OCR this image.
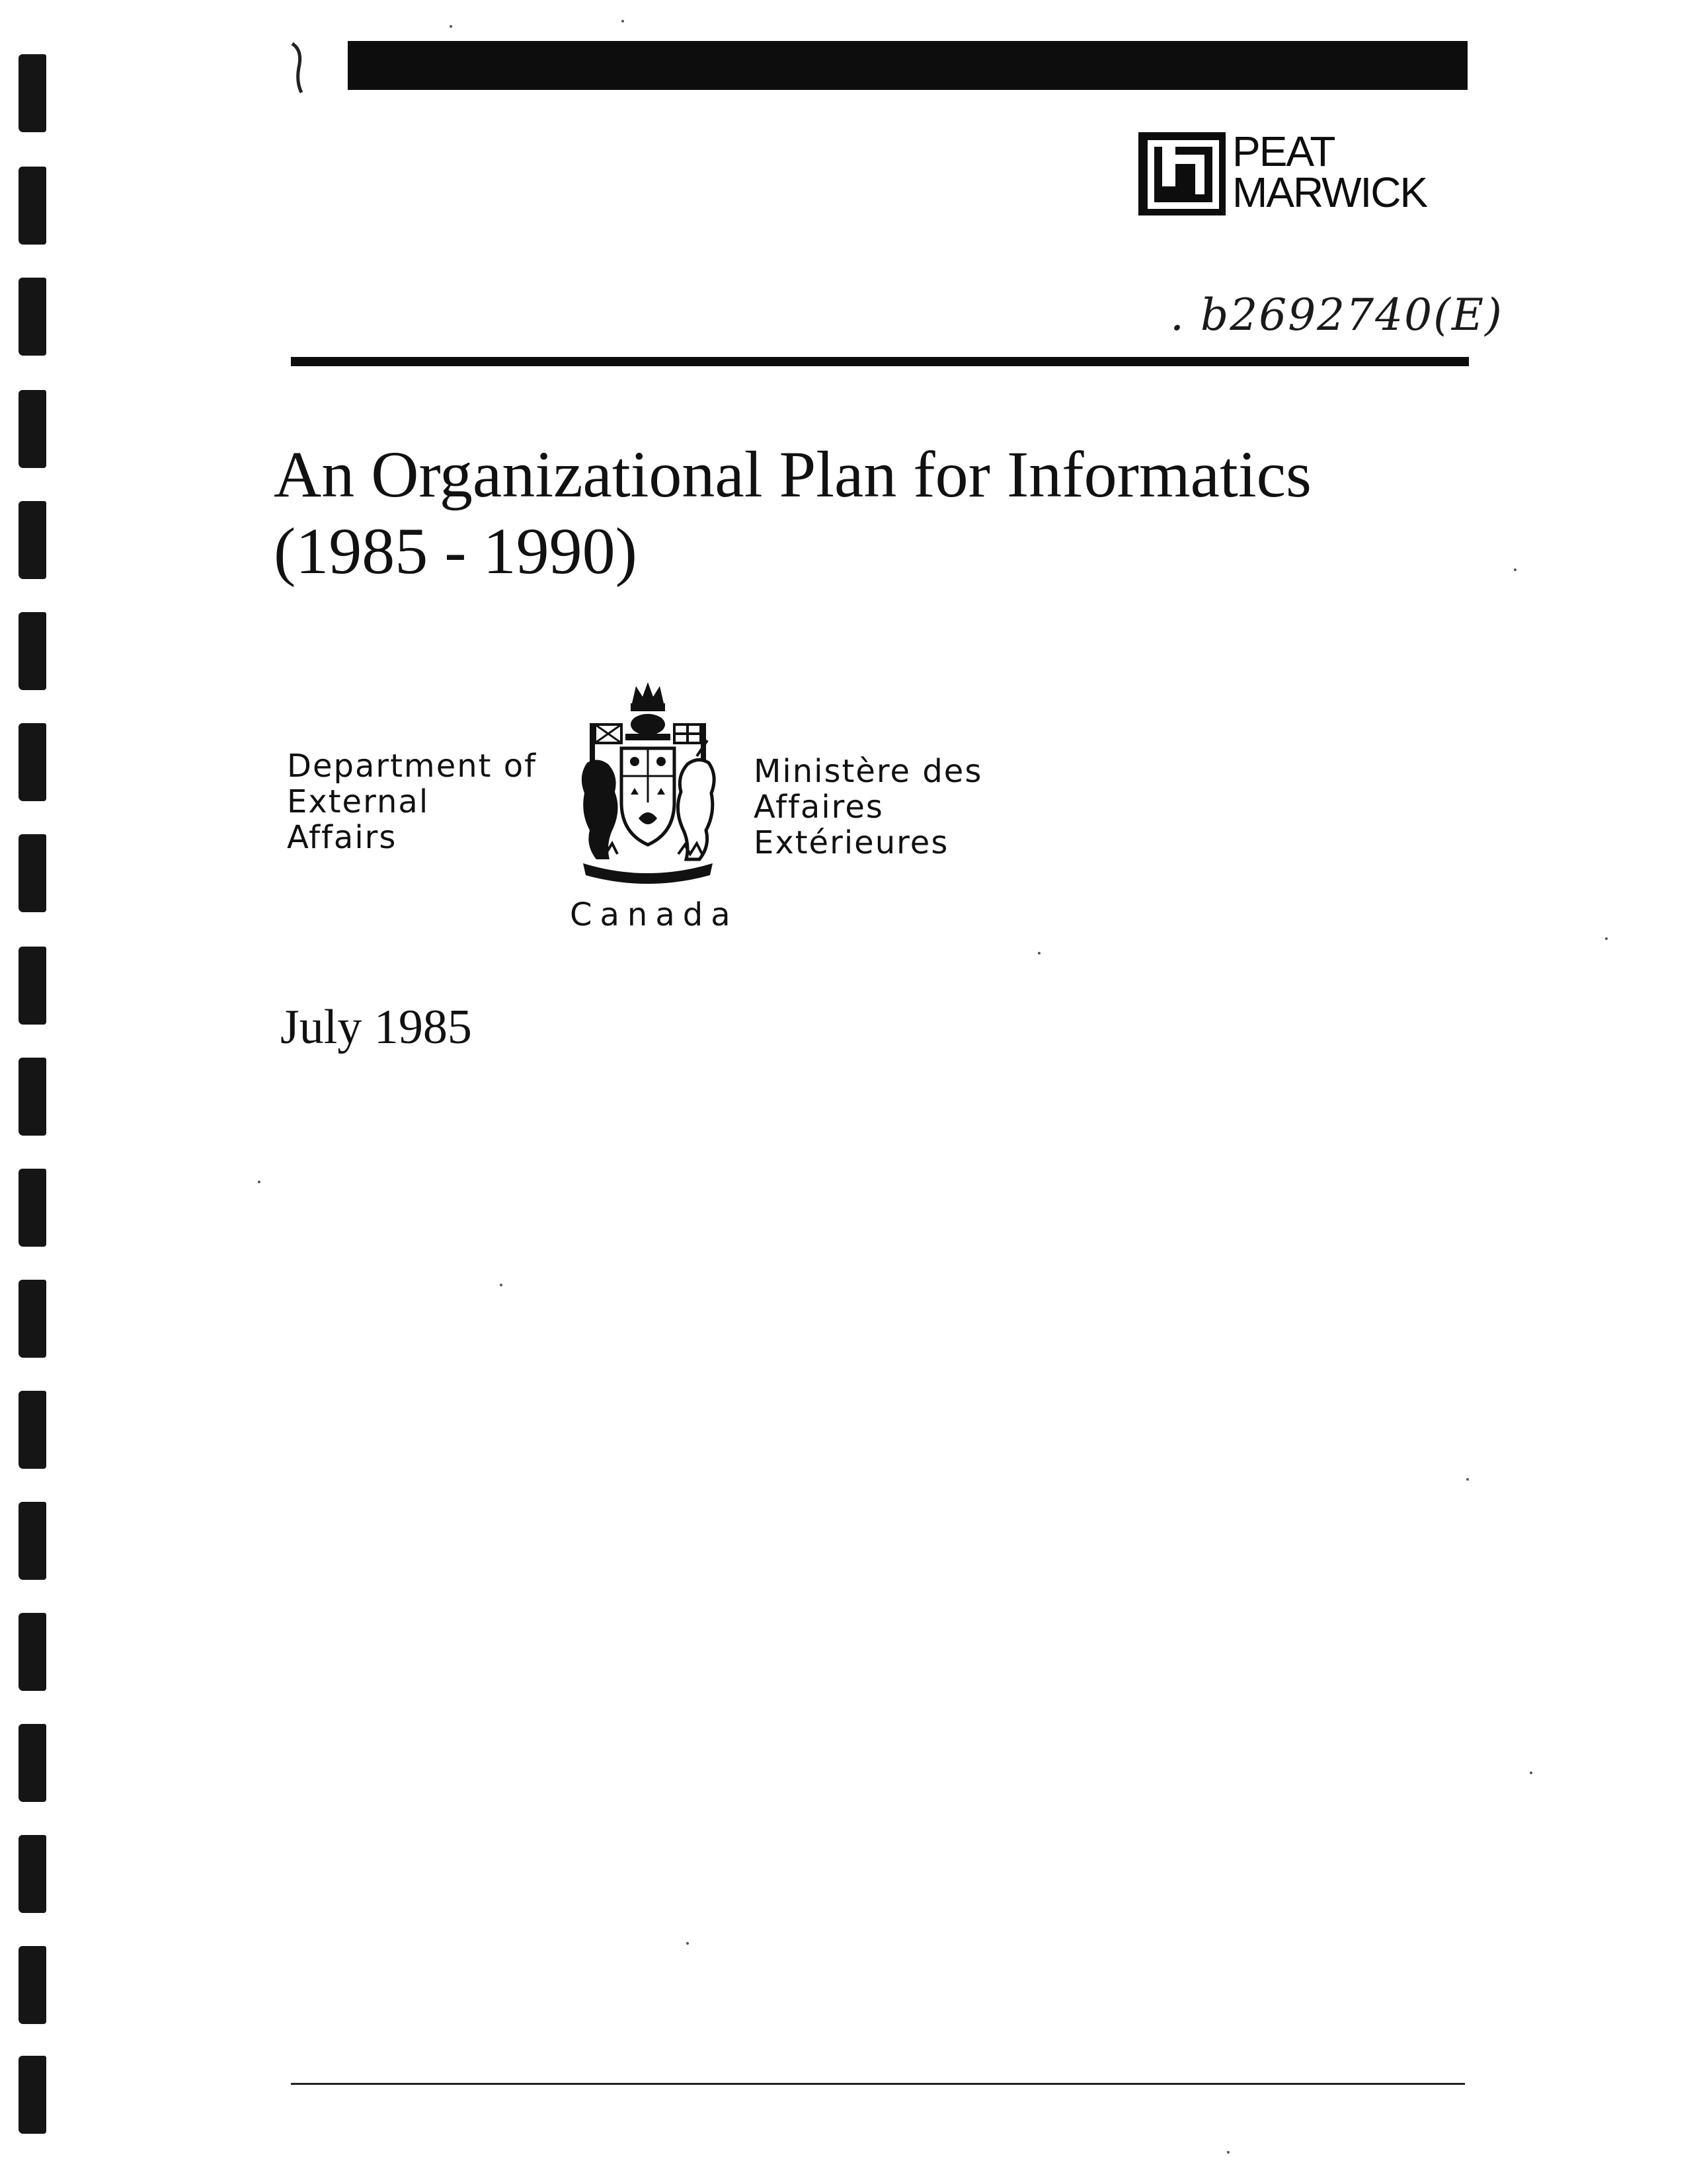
PEAT
MARWICK
. b2692740(E)
An Organizational Plan for Informatics
(1985 - 1990)
Department of
External
Affairs
Canada
Ministère des
Affaires
Extérieures
July 1985
